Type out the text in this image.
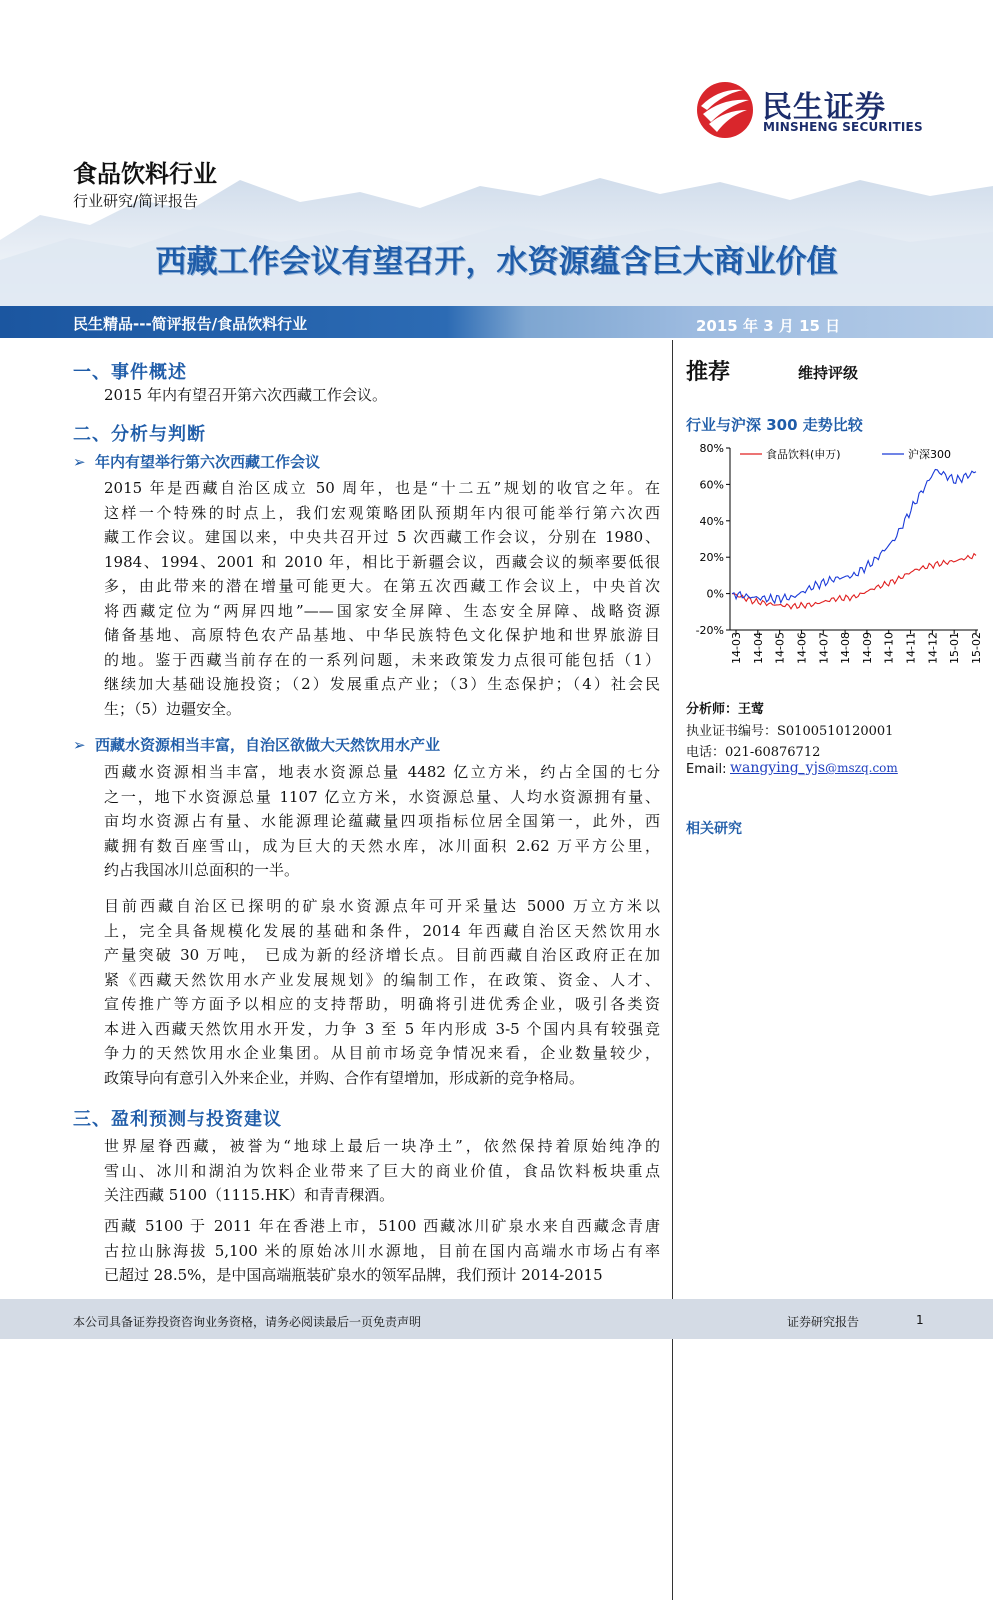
民生证券
MINSHENG SECURITIES
食品饮料行业
行业研究/简评报告
西藏工作会议有望召开，水资源蕴含巨大商业价值
民生精品---简评报告/食品饮料行业	2015 年 3 月 15 日
一、事件概述
2015 年内有望召开第六次西藏工作会议。
二、分析与判断
➢ 年内有望举行第六次西藏工作会议
2015 年是西藏自治区成立 50 周年，也是“十二五”规划的收官之年。在
这样一个特殊的时点上，我们宏观策略团队预期年内很可能举行第六次西
藏工作会议。建国以来，中央共召开过 5 次西藏工作会议，分别在 1980、
1984、1994、2001 和 2010 年，相比于新疆会议，西藏会议的频率要低很
多，由此带来的潜在增量可能更大。在第五次西藏工作会议上，中央首次
将西藏定位为“两屏四地”——国家安全屏障、生态安全屏障、战略资源
储备基地、高原特色农产品基地、中华民族特色文化保护地和世界旅游目
的地。鉴于西藏当前存在的一系列问题，未来政策发力点很可能包括（1）
继续加大基础设施投资；（2）发展重点产业；（3）生态保护；（4）社会民
生；（5）边疆安全。
➢ 西藏水资源相当丰富，自治区欲做大天然饮用水产业
西藏水资源相当丰富，地表水资源总量 4482 亿立方米，约占全国的七分
之一，地下水资源总量 1107 亿立方米，水资源总量、人均水资源拥有量、
亩均水资源占有量、水能源理论蕴藏量四项指标位居全国第一，此外，西
藏拥有数百座雪山，成为巨大的天然水库，冰川面积 2.62 万平方公里，
约占我国冰川总面积的一半。
目前西藏自治区已探明的矿泉水资源点年可开采量达 5000 万立方米以
上，完全具备规模化发展的基础和条件，2014 年西藏自治区天然饮用水
产量突破 30 万吨， 已成为新的经济增长点。目前西藏自治区政府正在加
紧《西藏天然饮用水产业发展规划》的编制工作，在政策、资金、人才、
宣传推广等方面予以相应的支持帮助，明确将引进优秀企业，吸引各类资
本进入西藏天然饮用水开发，力争 3 至 5 年内形成 3-5 个国内具有较强竞
争力的天然饮用水企业集团。从目前市场竞争情况来看，企业数量较少，
政策导向有意引入外来企业，并购、合作有望增加，形成新的竞争格局。
三、盈利预测与投资建议
世界屋脊西藏，被誉为“地球上最后一块净土”，依然保持着原始纯净的
雪山、冰川和湖泊为饮料企业带来了巨大的商业价值，食品饮料板块重点
关注西藏 5100（1115.HK）和青青稞酒。
西藏 5100 于 2011 年在香港上市，5100 西藏冰川矿泉水来自西藏念青唐
古拉山脉海拔 5,100 米的原始冰川水源地，目前在国内高端水市场占有率
已超过 28.5%，是中国高端瓶装矿泉水的领军品牌，我们预计 2014-2015
推荐	维持评级
行业与沪深 300 走势比较
80%
60%
40%
20%
0%
-20%
14-03 14-04 14-05 14-06 14-07 14-08 14-09 14-10 14-11 14-12 15-01 15-02
食品饮料(申万)	沪深300
分析师：王莺
执业证书编号：S0100510120001
电话：021-60876712
Email: wangying_yjs@mszq.com
相关研究
本公司具备证券投资咨询业务资格，请务必阅读最后一页免责声明	证券研究报告	1
